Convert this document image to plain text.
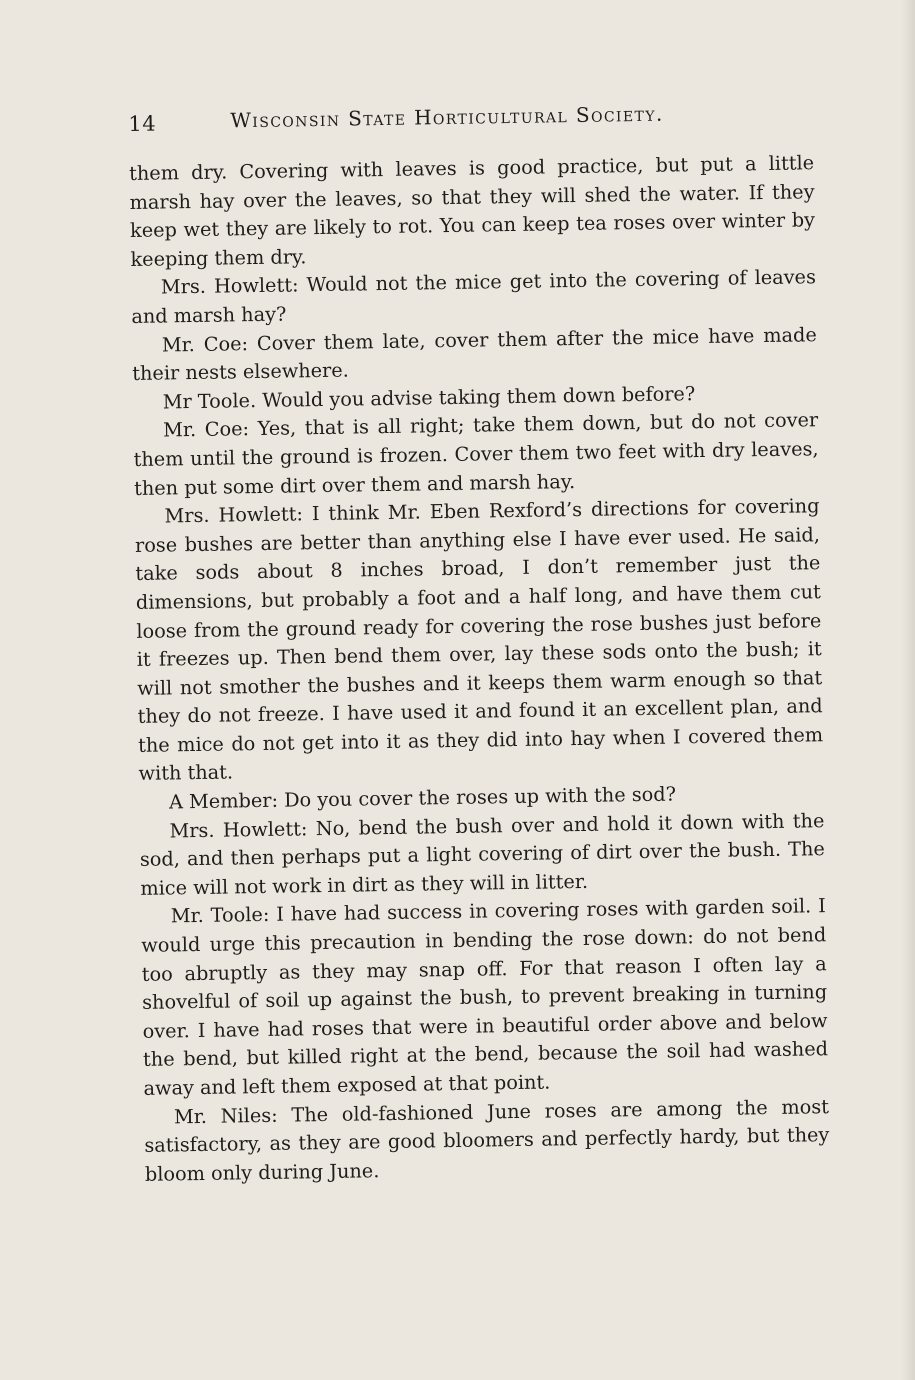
14	Wisconsin State Horticultural Society.

them dry. Covering with leaves is good practice, but put a little marsh hay over the leaves, so that they will shed the water. If they keep wet they are likely to rot. You can keep tea roses over winter by keeping them dry.

Mrs. Howlett: Would not the mice get into the covering of leaves and marsh hay?

Mr. Coe: Cover them late, cover them after the mice have made their nests elsewhere.

Mr Toole. Would you advise taking them down before?

Mr. Coe: Yes, that is all right; take them down, but do not cover them until the ground is frozen. Cover them two feet with dry leaves, then put some dirt over them and marsh hay.

Mrs. Howlett: I think Mr. Eben Rexford’s directions for covering rose bushes are better than anything else I have ever used. He said, take sods about 8 inches broad, I don’t remember just the dimensions, but probably a foot and a half long, and have them cut loose from the ground ready for covering the rose bushes just before it freezes up. Then bend them over, lay these sods onto the bush; it will not smother the bushes and it keeps them warm enough so that they do not freeze. I have used it and found it an excellent plan, and the mice do not get into it as they did into hay when I covered them with that.

A Member: Do you cover the roses up with the sod?

Mrs. Howlett: No, bend the bush over and hold it down with the sod, and then perhaps put a light covering of dirt over the bush. The mice will not work in dirt as they will in litter.

Mr. Toole: I have had success in covering roses with garden soil. I would urge this precaution in bending the rose down: do not bend too abruptly as they may snap off. For that reason I often lay a shovelful of soil up against the bush, to prevent breaking in turning over. I have had roses that were in beautiful order above and below the bend, but killed right at the bend, because the soil had washed away and left them exposed at that point.

Mr. Niles: The old-fashioned June roses are among the most satisfactory, as they are good bloomers and perfectly hardy, but they bloom only during June.
